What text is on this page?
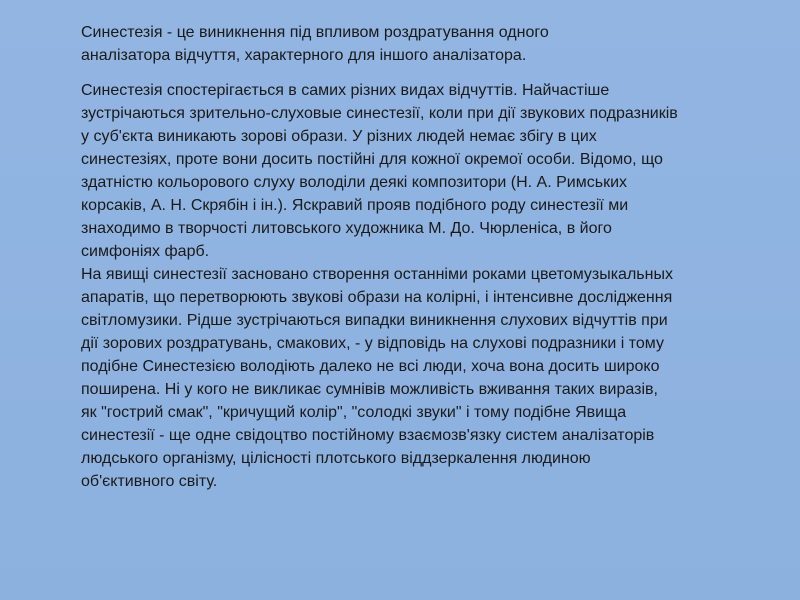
Синестезія - це виникнення під впливом роздратування одного
аналізатора відчуття, характерного для іншого аналізатора.

Синестезія спостерігається в самих різних видах відчуттів. Найчастіше
зустрічаються зрительно-слуховые синестезії, коли при дії звукових подразників
у суб'єкта виникають зорові образи. У різних людей немає збігу в цих
синестезіях, проте вони досить постійні для кожної окремої особи. Відомо, що
здатністю кольорового слуху володіли деякі композитори (Н. А. Римських
корсаків, А. Н. Скрябін і ін.). Яскравий прояв подібного роду синестезії ми
знаходимо в творчості литовського художника М. До. Чюрленіса, в його
симфоніях фарб.
На явищі синестезії засновано створення останніми роками цветомузыкальных
апаратів, що перетворюють звукові образи на колірні, і інтенсивне дослідження
світломузики. Рідше зустрічаються випадки виникнення слухових відчуттів при
дії зорових роздратувань, смакових, - у відповідь на слухові подразники і тому
подібне Синестезією володіють далеко не всі люди, хоча вона досить широко
поширена. Ні у кого не викликає сумнівів можливість вживання таких виразів,
як "гострий смак", "кричущий колір", "солодкі звуки" і тому подібне Явища
синестезії - ще одне свідоцтво постійному взаємозв'язку систем аналізаторів
людського організму, цілісності плотського віддзеркалення людиною
об'єктивного світу.
